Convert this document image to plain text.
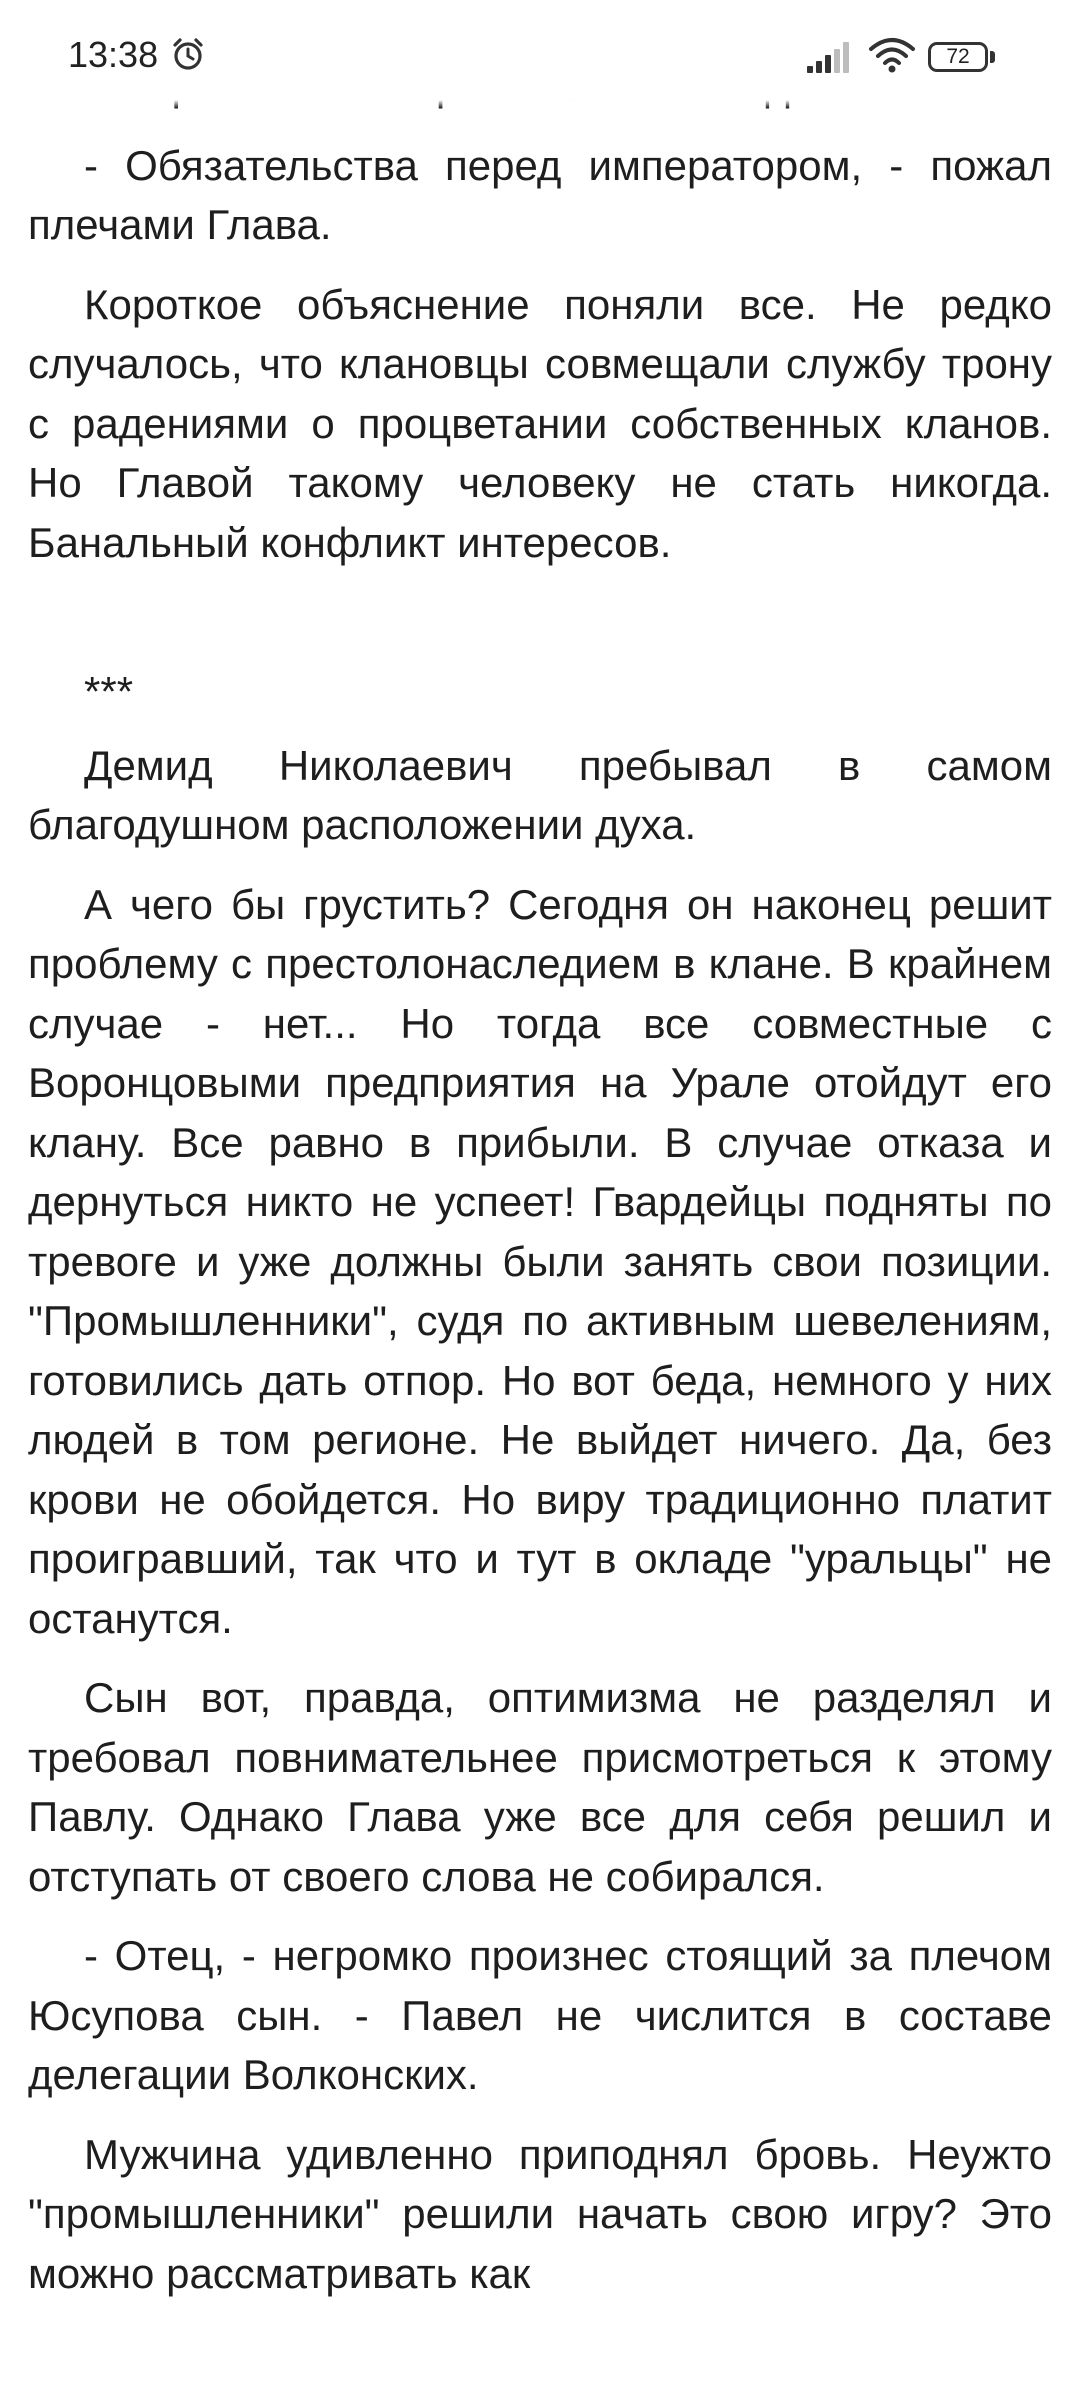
13:38	72

- Обязательства перед императором, - пожал плечами Глава.

Короткое объяснение поняли все. Не редко случалось, что клановцы совмещали службу трону с радениями о процветании собственных кланов. Но Главой такому человеку не стать никогда. Банальный конфликт интересов.

***

Демид Николаевич пребывал в самом благодушном расположении духа.

А чего бы грустить? Сегодня он наконец решит проблему с престолонаследием в клане. В крайнем случае - нет... Но тогда все совместные с Воронцовыми предприятия на Урале отойдут его клану. Все равно в прибыли. В случае отказа и дернуться никто не успеет! Гвардейцы подняты по тревоге и уже должны были занять свои позиции. "Промышленники", судя по активным шевелениям, готовились дать отпор. Но вот беда, немного у них людей в том регионе. Не выйдет ничего. Да, без крови не обойдется. Но виру традиционно платит проигравший, так что и тут в окладе "уральцы" не останутся.

Сын вот, правда, оптимизма не разделял и требовал повнимательнее присмотреться к этому Павлу. Однако Глава уже все для себя решил и отступать от своего слова не собирался.

- Отец, - негромко произнес стоящий за плечом Юсупова сын. - Павел не числится в составе делегации Волконских.

Мужчина удивленно приподнял бровь. Неужто "промышленники" решили начать свою игру? Это можно рассматривать как
